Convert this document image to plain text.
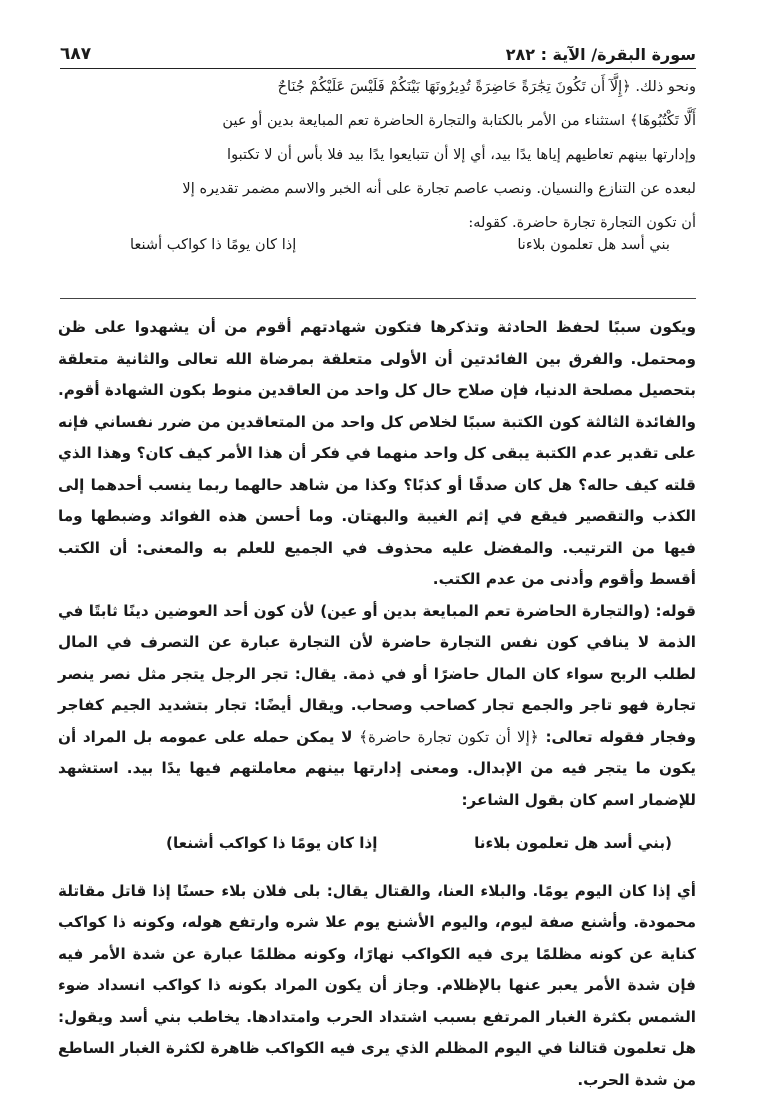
سورة البقرة/ الآية : ٢٨٢
٦٨٧

ونحو ذلك. ﴿إِلَّآ أَن تَكُونَ تِجَٰرَةً حَاضِرَةً تُدِيرُونَهَا بَيْنَكُمْ فَلَيْسَ عَلَيْكُمْ جُنَاحٌ

أَلَّا تَكْتُبُوهَا﴾ استثناء من الأمر بالكتابة والتجارة الحاضرة تعم المبايعة بدين أو عين

وإدارتها بينهم تعاطيهم إياها يدًا بيد، أي إلا أن تتبايعوا يدًا بيد فلا بأس أن لا تكتبوا

لبعده عن التنازع والنسيان. ونصب عاصم تجارة على أنه الخبر والاسم مضمر تقديره إلا

أن تكون التجارة تجارة حاضرة. كقوله:

بني أسد هل تعلمون بلاءنا
إذا كان يومًا ذا كواكب أشنعا

ويكون سببًا لحفظ الحادثة وتذكرها فتكون شهادتهم أقوم من أن يشهدوا على ظن ومحتمل. والفرق بين الفائدتين أن الأولى متعلقة بمرضاة الله تعالى والثانية متعلقة بتحصيل مصلحة الدنيا، فإن صلاح حال كل واحد من العاقدين منوط بكون الشهادة أقوم. والفائدة الثالثة كون الكتبة سببًا لخلاص كل واحد من المتعاقدين من ضرر نفساني فإنه على تقدير عدم الكتبة يبقى كل واحد منهما في فكر أن هذا الأمر كيف كان؟ وهذا الذي قلته كيف حاله؟ هل كان صدقًا أو كذبًا؟ وكذا من شاهد حالهما ربما ينسب أحدهما إلى الكذب والتقصير فيقع في إثم الغيبة والبهتان. وما أحسن هذه الفوائد وضبطها وما فيها من الترتيب. والمفضل عليه محذوف في الجميع للعلم به والمعنى: أن الكتب أقسط وأقوم وأدنى من عدم الكتب.

قوله: (والتجارة الحاضرة تعم المبايعة بدين أو عين) لأن كون أحد العوضين دينًا ثابتًا في الذمة لا ينافي كون نفس التجارة حاضرة لأن التجارة عبارة عن التصرف في المال لطلب الربح سواء كان المال حاضرًا أو في ذمة. يقال: تجر الرجل يتجر مثل نصر ينصر تجارة فهو تاجر والجمع تجار كصاحب وصحاب. ويقال أيضًا: تجار بتشديد الجيم كفاجر وفجار فقوله تعالى: ﴿إلا أن تكون تجارة حاضرة﴾ لا يمكن حمله على عمومه بل المراد أن يكون ما يتجر فيه من الإبدال. ومعنى إدارتها بينهم معاملتهم فيها يدًا بيد. استشهد للإضمار اسم كان بقول الشاعر:

(بني أسد هل تعلمون بلاءنا
إذا كان يومًا ذا كواكب أشنعا)

أي إذا كان اليوم يومًا. والبلاء العنا، والقتال يقال: بلى فلان بلاء حسنًا إذا قاتل مقاتلة محمودة. وأشنع صفة ليوم، واليوم الأشنع يوم علا شره وارتفع هوله، وكونه ذا كواكب كناية عن كونه مظلمًا يرى فيه الكواكب نهارًا، وكونه مظلمًا عبارة عن شدة الأمر فيه فإن شدة الأمر يعبر عنها بالإظلام. وجاز أن يكون المراد بكونه ذا كواكب انسداد ضوء الشمس بكثرة الغبار المرتفع بسبب اشتداد الحرب وامتدادها. يخاطب بني أسد ويقول: هل تعلمون قتالنا في اليوم المظلم الذي يرى فيه الكواكب ظاهرة لكثرة الغبار الساطع من شدة الحرب.
